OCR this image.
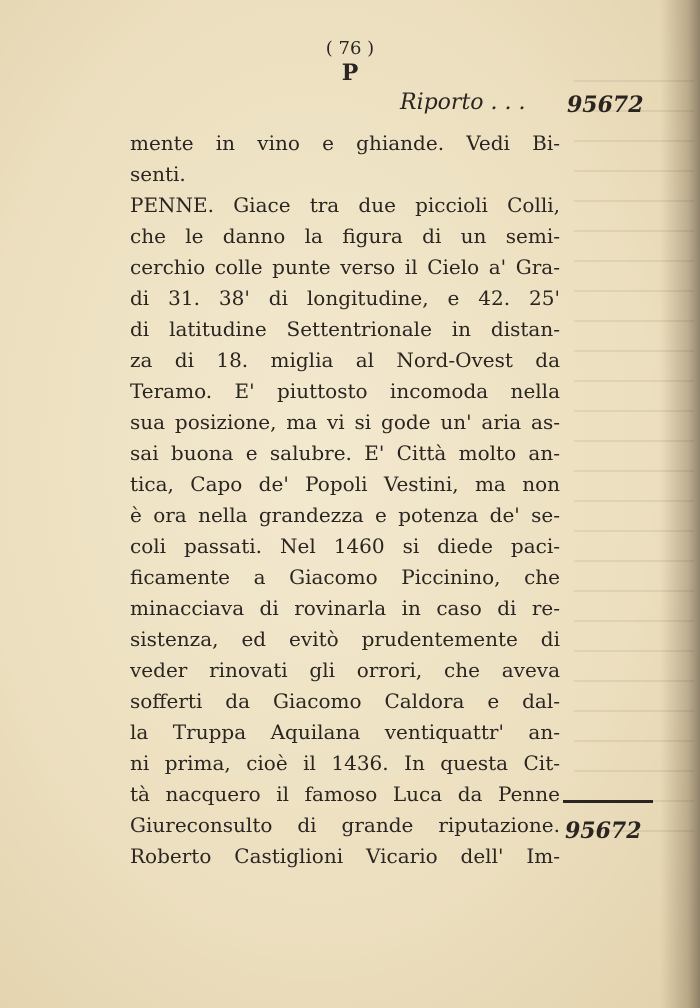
( 76 )
P
Riporto . . . 95672
mente in vino e ghiande. Vedi Bi-
senti.
PENNE. Giace tra due piccioli Colli,
che le danno la figura di un semi-
cerchio colle punte verso il Cielo a' Gra-
di 31. 38' di longitudine, e 42. 25'
di latitudine Settentrionale in distan-
za di 18. miglia al Nord-Ovest da
Teramo. E' piuttosto incomoda nella
sua posizione, ma vi si gode un' aria as-
sai buona e salubre. E' Città molto an-
tica, Capo de' Popoli Vestini, ma non
è ora nella grandezza e potenza de' se-
coli passati. Nel 1460 si diede paci-
ficamente a Giacomo Piccinino, che
minacciava di rovinarla in caso di re-
sistenza, ed evitò prudentemente di
veder rinovati gli orrori, che aveva
sofferti da Giacomo Caldora e dal-
la Truppa Aquilana ventiquattr' an-
ni prima, cioè il 1436. In questa Cit-
tà nacquero il famoso Luca da Penne
Giureconsulto di grande riputazione.
Roberto Castiglioni Vicario dell' Im-
95672
